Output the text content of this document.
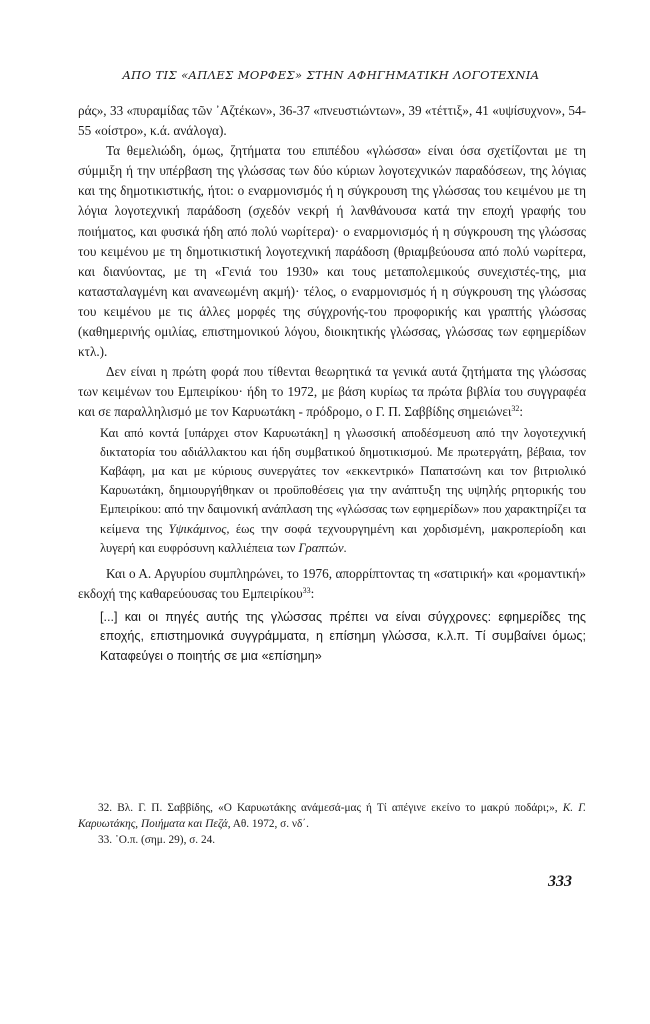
ΑΠΟ ΤΙΣ «ΑΠΛΕΣ ΜΟΡΦΕΣ» ΣΤΗΝ ΑΦΗΓΗΜΑΤΙΚΗ ΛΟΓΟΤΕΧΝΙΑ

ράς», 33 «πυραμίδας τῶν ᾿Αζτέκων», 36-37 «πνευστιώντων», 39 «τέττιξ», 41 «υψίσυχνον», 54-55 «οίστρο», κ.ά. ανάλογα).

Τα θεμελιώδη, όμως, ζητήματα του επιπέδου «γλώσσα» είναι όσα σχετίζονται με τη σύμμιξη ή την υπέρβαση της γλώσσας των δύο κύριων λογοτεχνικών παραδόσεων, της λόγιας και της δημοτικιστικής, ήτοι: ο εναρμονισμός ή η σύγκρουση της γλώσσας του κειμένου με τη λόγια λογοτεχνική παράδοση (σχεδόν νεκρή ή λανθάνουσα κατά την εποχή γραφής του ποιήματος, και φυσικά ήδη από πολύ νωρίτερα)· ο εναρμονισμός ή η σύγκρουση της γλώσσας του κειμένου με τη δημοτικιστική λογοτεχνική παράδοση (θριαμβεύουσα από πολύ νωρίτερα, και διανύοντας, με τη «Γενιά του 1930» και τους μεταπολεμικούς συνεχιστές-της, μια κατασταλαγμένη και ανανεωμένη ακμή)· τέλος, ο εναρμονισμός ή η σύγκρουση της γλώσσας του κειμένου με τις άλλες μορφές της σύγχρονής-του προφορικής και γραπτής γλώσσας (καθημερινής ομιλίας, επιστημονικού λόγου, διοικητικής γλώσσας, γλώσσας των εφημερίδων κτλ.).

Δεν είναι η πρώτη φορά που τίθενται θεωρητικά τα γενικά αυτά ζητήματα της γλώσσας των κειμένων του Εμπειρίκου· ήδη το 1972, με βάση κυρίως τα πρώτα βιβλία του συγγραφέα και σε παραλληλισμό με τον Καρυωτάκη - πρόδρομο, ο Γ. Π. Σαββίδης σημειώνει$^{32}$:

Και από κοντά [υπάρχει στον Καρυωτάκη] η γλωσσική αποδέσμευση από την λογοτεχνική δικτατορία του αδιάλλακτου και ήδη συμβατικού δημοτικισμού. Με πρωτεργάτη, βέβαια, τον Καβάφη, μα και με κύριους συνεργάτες τον «εκκεντρικό» Παπατσώνη και τον βιτριολικό Καρυωτάκη, δημιουργήθηκαν οι προϋποθέσεις για την ανάπτυξη της υψηλής ρητορικής του Εμπειρίκου: από την δαιμονική ανάπλαση της «γλώσσας των εφημερίδων» που χαρακτηρίζει τα κείμενα της Υψικάμινος, έως την σοφά τεχνουργημένη και χορδισμένη, μακροπερίοδη και λυγερή και ευφρόσυνη καλλιέπεια των Γραπτών.

Και ο Α. Αργυρίου συμπληρώνει, το 1976, απορρίπτοντας τη «σατιρική» και «ρομαντική» εκδοχή της καθαρεύουσας του Εμπειρίκου$^{33}$:

[...] και οι πηγές αυτής της γλώσσας πρέπει να είναι σύγχρονες: εφημερίδες της εποχής, επιστημονικά συγγράμματα, η επίσημη γλώσσα, κ.λ.π. Τί συμβαίνει όμως; Καταφεύγει ο ποιητής σε μια «επίσημη»

32. Βλ. Γ. Π. Σαββίδης, «Ο Καρυωτάκης ανάμεσά-μας ή Τί απέγινε εκείνο το μακρύ ποδάρι;», Κ. Γ. Καρυωτάκης, Ποιήματα και Πεζά, Αθ. 1972, σ. νδ΄.

33. ᾿Ο.π. (σημ. 29), σ. 24.

333
